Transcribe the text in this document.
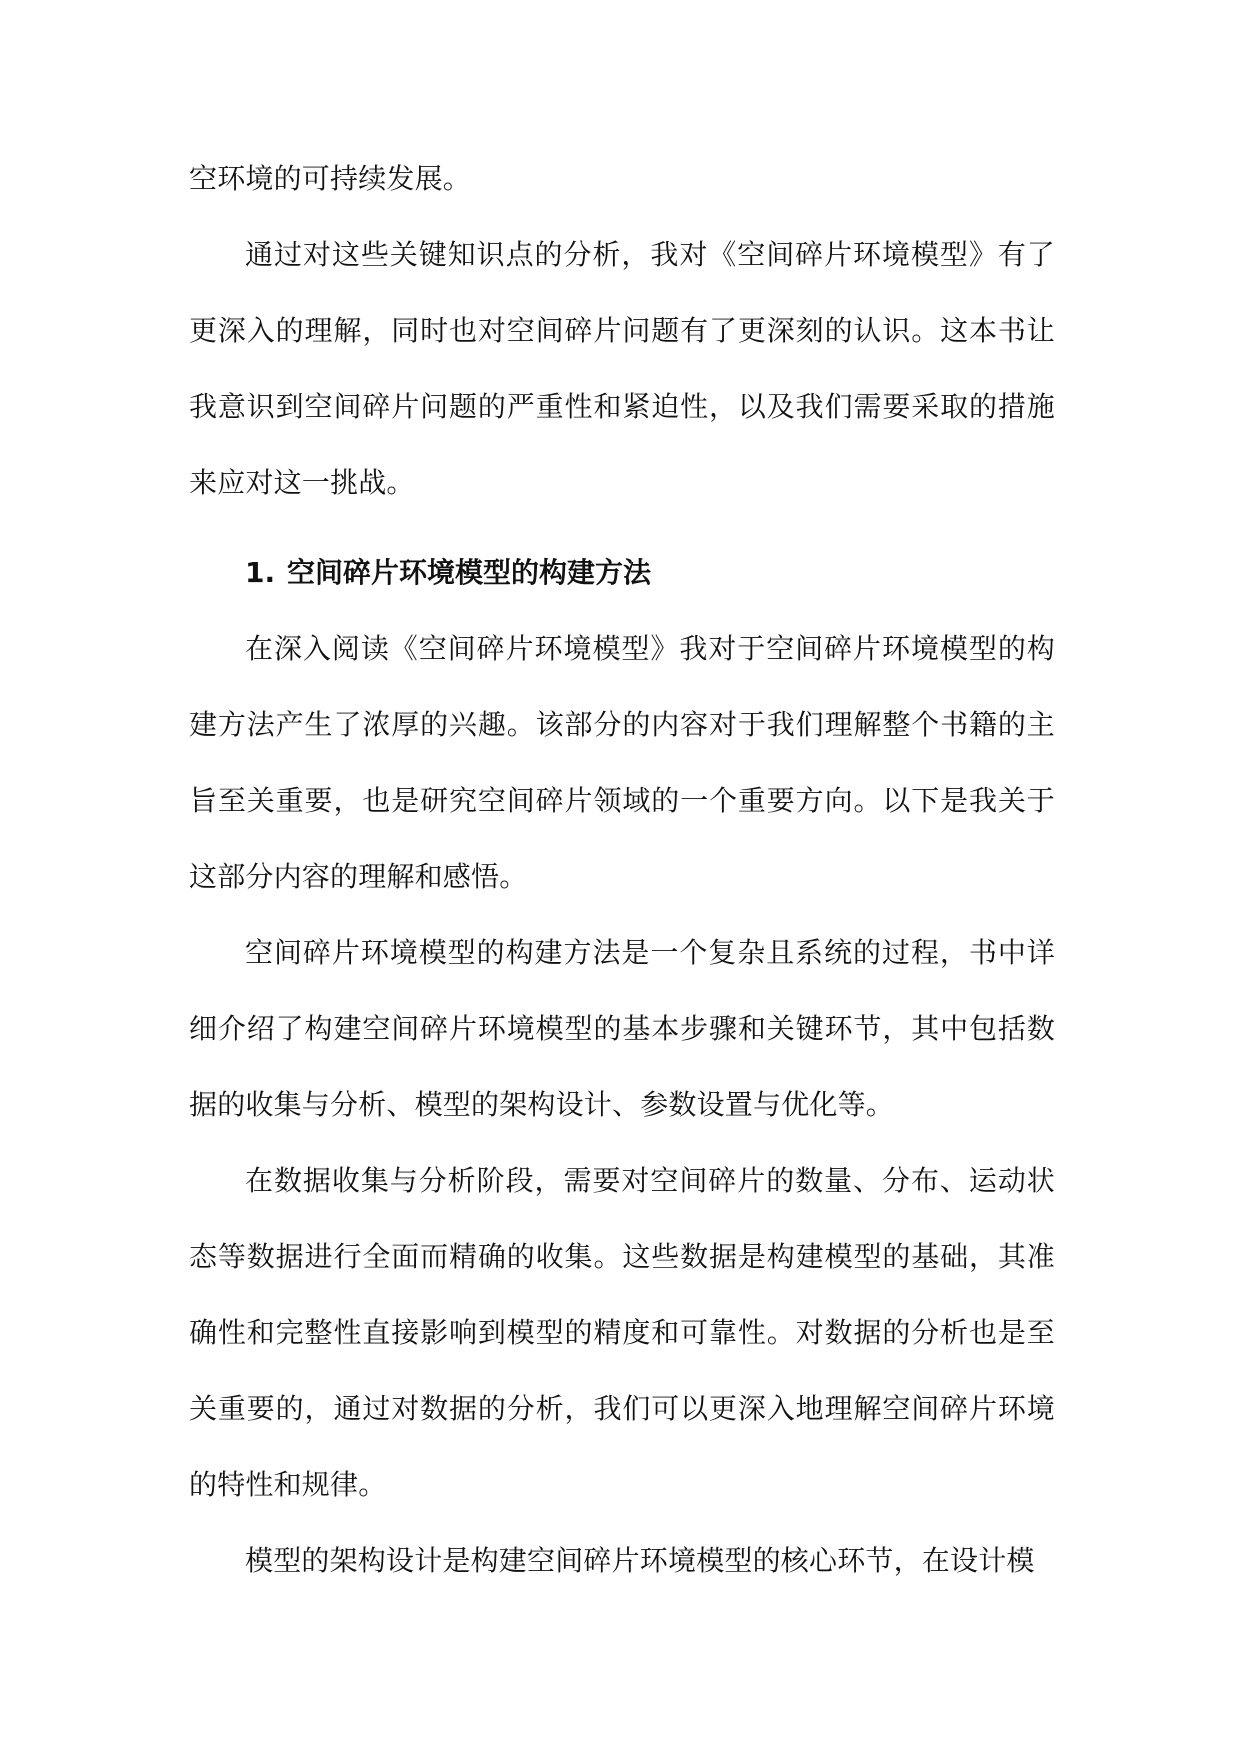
空环境的可持续发展。

通过对这些关键知识点的分析，我对《空间碎片环境模型》有了更深入的理解，同时也对空间碎片问题有了更深刻的认识。这本书让我意识到空间碎片问题的严重性和紧迫性，以及我们需要采取的措施来应对这一挑战。

1. 空间碎片环境模型的构建方法

在深入阅读《空间碎片环境模型》我对于空间碎片环境模型的构建方法产生了浓厚的兴趣。该部分的内容对于我们理解整个书籍的主旨至关重要，也是研究空间碎片领域的一个重要方向。以下是我关于这部分内容的理解和感悟。

空间碎片环境模型的构建方法是一个复杂且系统的过程，书中详细介绍了构建空间碎片环境模型的基本步骤和关键环节，其中包括数据的收集与分析、模型的架构设计、参数设置与优化等。

在数据收集与分析阶段，需要对空间碎片的数量、分布、运动状态等数据进行全面而精确的收集。这些数据是构建模型的基础，其准确性和完整性直接影响到模型的精度和可靠性。对数据的分析也是至关重要的，通过对数据的分析，我们可以更深入地理解空间碎片环境的特性和规律。

模型的架构设计是构建空间碎片环境模型的核心环节，在设计模
